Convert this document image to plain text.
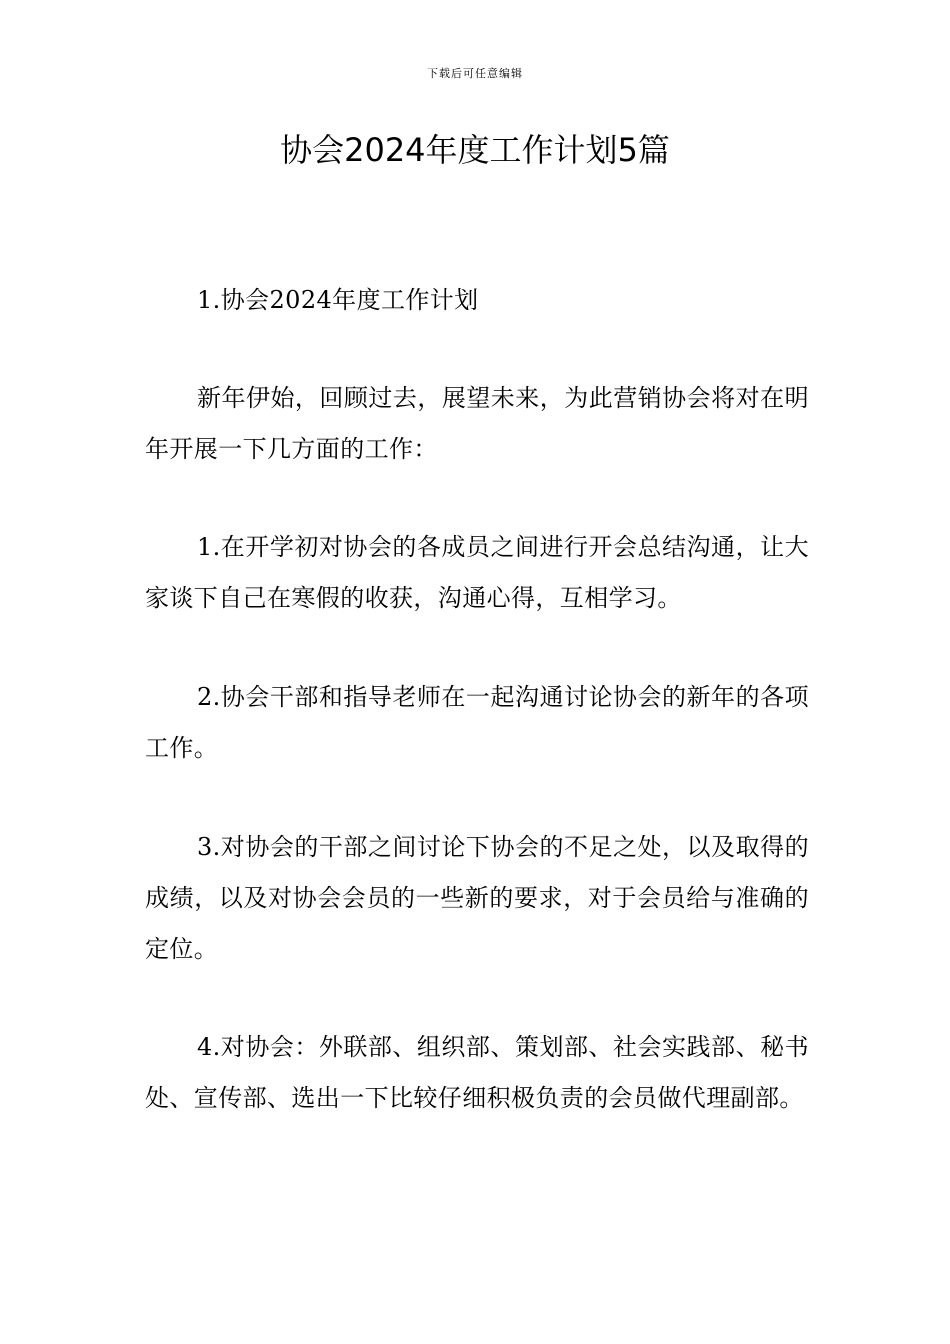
下载后可任意编辑
协会2024年度工作计划5篇

1.协会2024年度工作计划

新年伊始，回顾过去，展望未来，为此营销协会将对在明年开展一下几方面的工作：

1.在开学初对协会的各成员之间进行开会总结沟通，让大家谈下自己在寒假的收获，沟通心得，互相学习。

2.协会干部和指导老师在一起沟通讨论协会的新年的各项工作。

3.对协会的干部之间讨论下协会的不足之处，以及取得的成绩，以及对协会会员的一些新的要求，对于会员给与准确的定位。

4.对协会：外联部、组织部、策划部、社会实践部、秘书处、宣传部、选出一下比较仔细积极负责的会员做代理副部。
